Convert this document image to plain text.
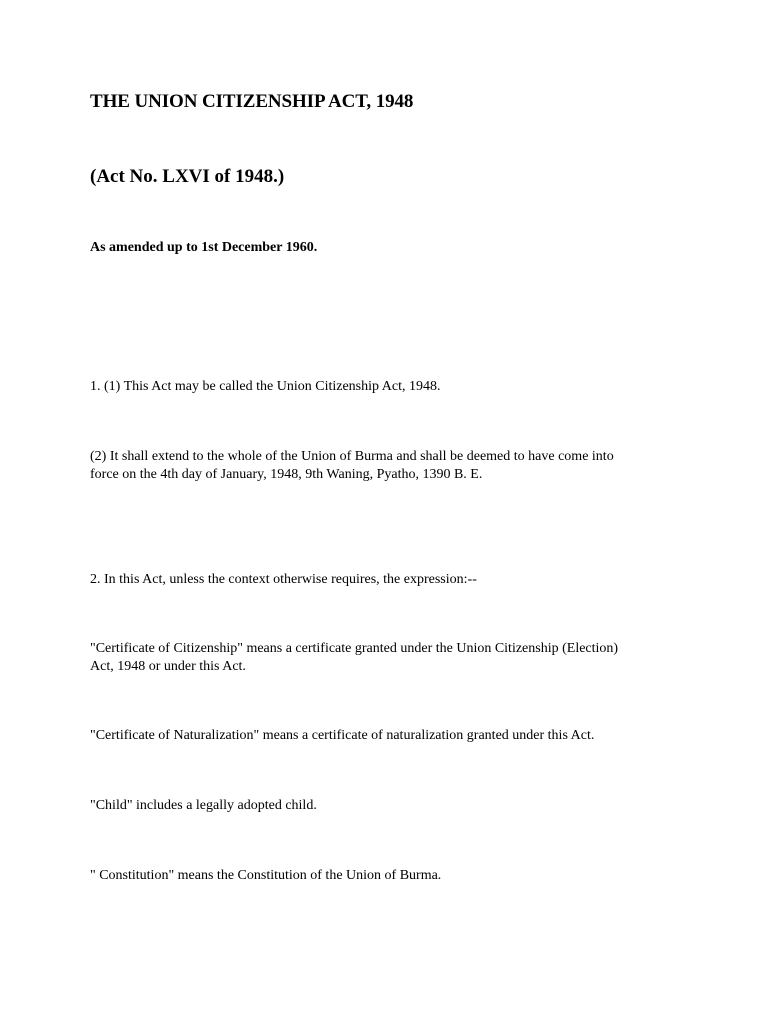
THE UNION CITIZENSHIP ACT, 1948
(Act No. LXVI of 1948.)

As amended up to 1st December 1960.

1. (1) This Act may be called the Union Citizenship Act, 1948.

(2) It shall extend to the whole of the Union of Burma and shall be deemed to have come into
force on the 4th day of January, 1948, 9th Waning, Pyatho, 1390 B. E.

2. In this Act, unless the context otherwise requires, the expression:--

"Certificate of Citizenship" means a certificate granted under the Union Citizenship (Election)
Act, 1948 or under this Act.

"Certificate of Naturalization" means a certificate of naturalization granted under this Act.

"Child" includes a legally adopted child.

" Constitution" means the Constitution of the Union of Burma.
